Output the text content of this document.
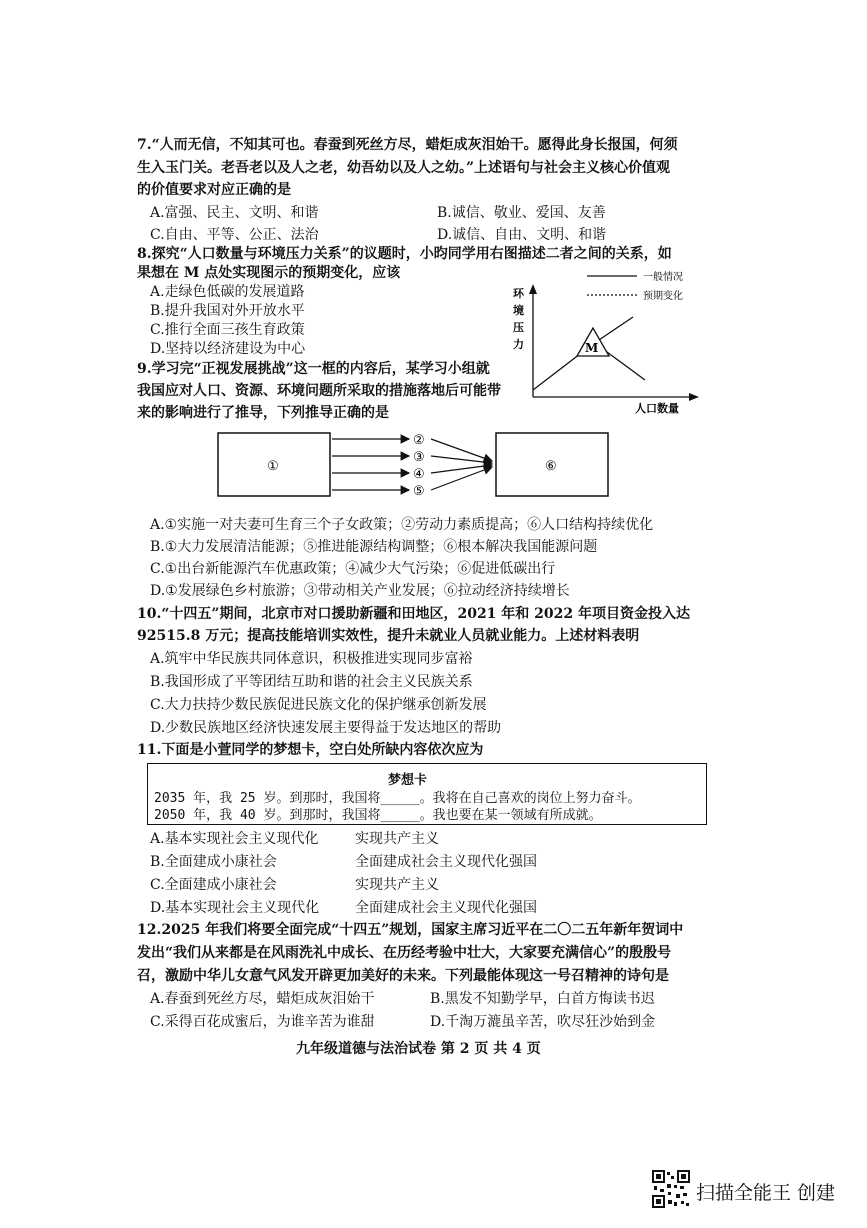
7.“人而无信，不知其可也。春蚕到死丝方尽，蜡炬成灰泪始干。愿得此身长报国，何须
生入玉门关。老吾老以及人之老，幼吾幼以及人之幼。”上述语句与社会主义核心价值观
的价值要求对应正确的是
A.富强、民主、文明、和谐	B.诚信、敬业、爱国、友善
C.自由、平等、公正、法治	D.诚信、自由、文明、和谐
8.探究“人口数量与环境压力关系”的议题时，小昀同学用右图描述二者之间的关系，如
果想在 M 点处实现图示的预期变化，应该
A.走绿色低碳的发展道路
B.提升我国对外开放水平
C.推行全面三孩生育政策
D.坚持以经济建设为中心
一般情况
预期变化
环
境
压
力	M
人口数量
9.学习完“正视发展挑战”这一框的内容后，某学习小组就
我国应对人口、资源、环境问题所采取的措施落地后可能带
来的影响进行了推导，下列推导正确的是
①	⑥
②
③
④
⑤
A.①实施一对夫妻可生育三个子女政策；②劳动力素质提高；⑥人口结构持续优化
B.①大力发展清洁能源；⑤推进能源结构调整；⑥根本解决我国能源问题
C.①出台新能源汽车优惠政策；④减少大气污染；⑥促进低碳出行
D.①发展绿色乡村旅游；③带动相关产业发展；⑥拉动经济持续增长
10.“十四五”期间，北京市对口援助新疆和田地区，2021 年和 2022 年项目资金投入达
92515.8 万元；提高技能培训实效性，提升未就业人员就业能力。上述材料表明
A.筑牢中华民族共同体意识，积极推进实现同步富裕
B.我国形成了平等团结互助和谐的社会主义民族关系
C.大力扶持少数民族促进民族文化的保护继承创新发展
D.少数民族地区经济快速发展主要得益于发达地区的帮助
11.下面是小萱同学的梦想卡，空白处所缺内容依次应为
梦想卡
2035 年，我 25 岁。到那时，我国将_____。我将在自己喜欢的岗位上努力奋斗。
2050 年，我 40 岁。到那时，我国将_____。我也要在某一领域有所成就。
A.基本实现社会主义现代化	实现共产主义
B.全面建成小康社会	全面建成社会主义现代化强国
C.全面建成小康社会	实现共产主义
D.基本实现社会主义现代化	全面建成社会主义现代化强国
12.2025 年我们将要全面完成“十四五”规划，国家主席习近平在二〇二五年新年贺词中
发出“我们从来都是在风雨洗礼中成长、在历经考验中壮大，大家要充满信心”的殷殷号
召，激励中华儿女意气风发开辟更加美好的未来。下列最能体现这一号召精神的诗句是
A.春蚕到死丝方尽，蜡炬成灰泪始干	B.黑发不知勤学早，白首方悔读书迟
C.采得百花成蜜后，为谁辛苦为谁甜	D.千淘万漉虽辛苦，吹尽狂沙始到金
九年级道德与法治试卷 第 2 页 共 4 页
扫描全能王 创建
